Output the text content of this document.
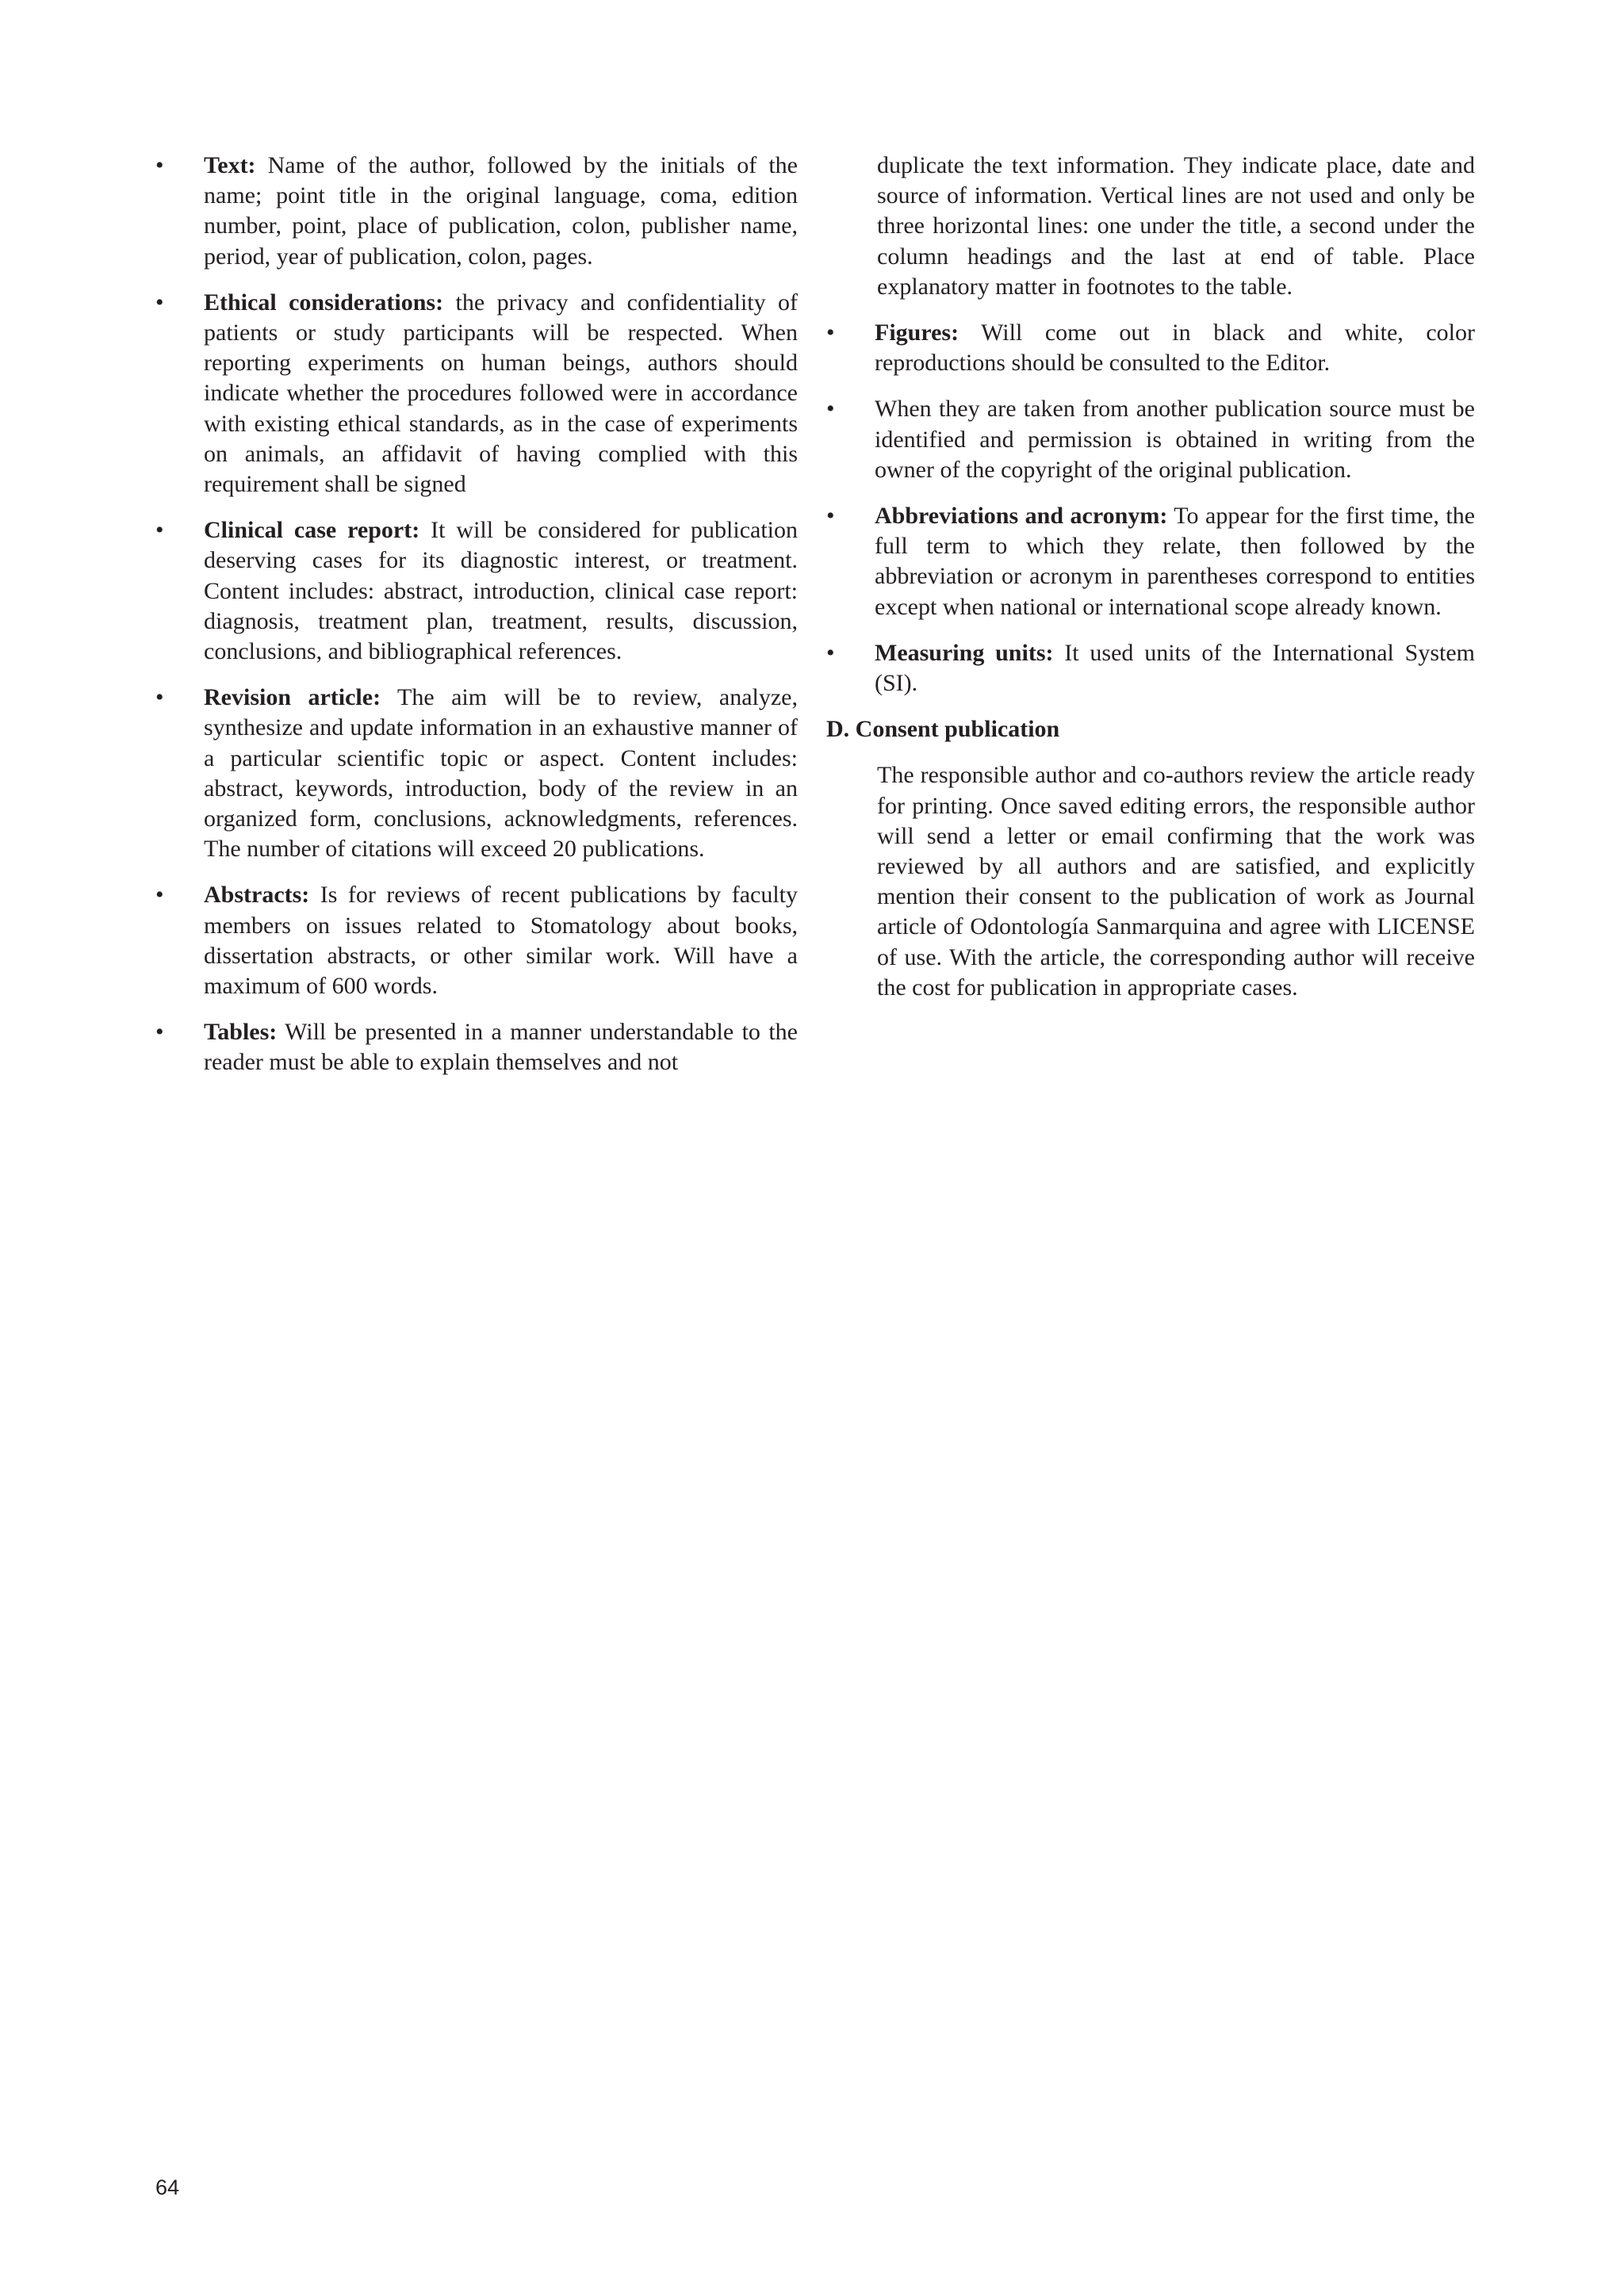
•	Text: Name of the author, followed by the initials of the name; point title in the original language, coma, edition number, point, place of publication, colon, publisher name, period, year of publication, colon, pages.
•	Ethical considerations: the privacy and confidentiality of patients or study participants will be respected. When reporting experiments on human beings, authors should indicate whether the procedures followed were in accordance with existing ethical standards, as in the case of experiments on animals, an affidavit of having complied with this requirement shall be signed
•	Clinical case report: It will be considered for publication deserving cases for its diagnostic interest, or treatment. Content includes: abstract, introduction, clinical case report: diagnosis, treatment plan, treatment, results, discussion, conclusions, and bibliographical references.
•	Revision article: The aim will be to review, analyze, synthesize and update information in an exhaustive manner of a particular scientific topic or aspect. Content includes: abstract, keywords, introduction, body of the review in an organized form, conclusions, acknowledgments, references. The number of citations will exceed 20 publications.
•	Abstracts: Is for reviews of recent publications by faculty members on issues related to Stomatology about books, dissertation abstracts, or other similar work. Will have a maximum of 600 words.
•	Tables: Will be presented in a manner understandable to the reader must be able to explain themselves and not

duplicate the text information. They indicate place, date and source of information. Vertical lines are not used and only be three horizontal lines: one under the title, a second under the column headings and the last at end of table. Place explanatory matter in footnotes to the table.

•	Figures: Will come out in black and white, color reproductions should be consulted to the Editor.
•	When they are taken from another publication source must be identified and permission is obtained in writing from the owner of the copyright of the original publication.
•	Abbreviations and acronym: To appear for the first time, the full term to which they relate, then followed by the abbreviation or acronym in parentheses correspond to entities except when national or international scope already known.
•	Measuring units: It used units of the International System (SI).
D. Consent publication

The responsible author and co-authors review the article ready for printing. Once saved editing errors, the responsible author will send a letter or email confirming that the work was reviewed by all authors and are satisfied, and explicitly mention their consent to the publication of work as Journal article of Odontología Sanmarquina and agree with LICENSE of use. With the article, the corresponding author will receive the cost for publication in appropriate cases.

64
